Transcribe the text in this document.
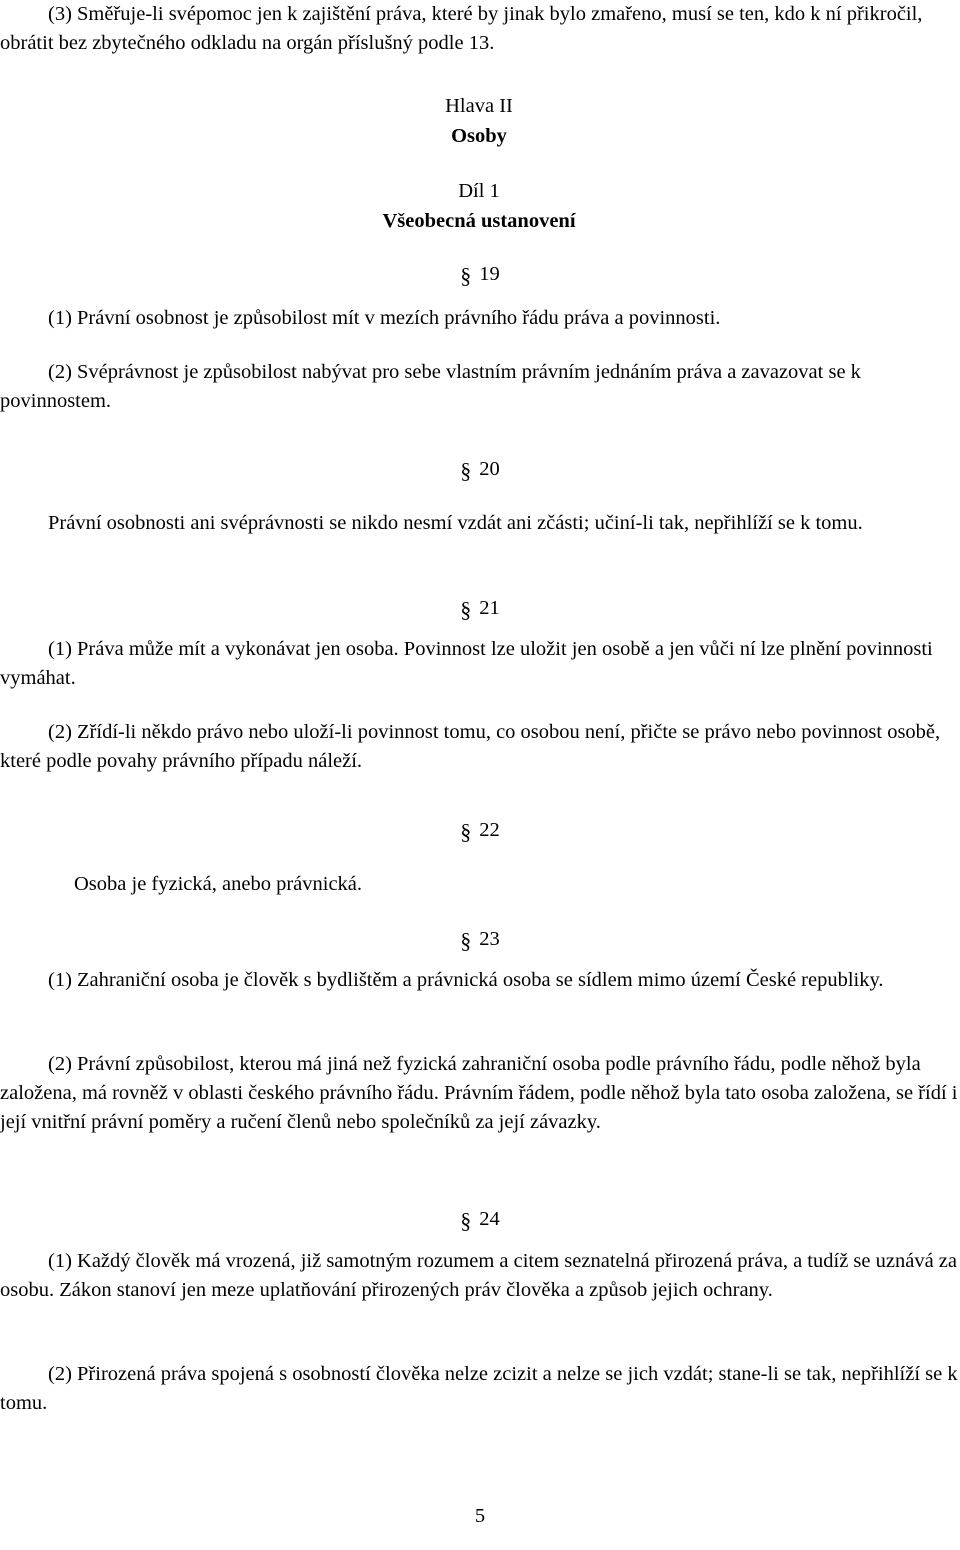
(3) Směřuje-li svépomoc jen k zajištění práva, které by jinak bylo zmařeno, musí se ten, kdo k ní přikročil, obrátit bez zbytečného odkladu na orgán příslušný podle 13.

Hlava II
Osoby
Díl 1
Všeobecná ustanovení
§ 19

(1) Právní osobnost je způsobilost mít v mezích právního řádu práva a povinnosti.

(2) Svéprávnost je způsobilost nabývat pro sebe vlastním právním jednáním práva a zavazovat se k povinnostem.

§ 20

Právní osobnosti ani svéprávnosti se nikdo nesmí vzdát ani zčásti; učiní-li tak, nepřihlíží se k tomu.

§ 21

(1) Práva může mít a vykonávat jen osoba. Povinnost lze uložit jen osobě a jen vůči ní lze plnění povinnosti vymáhat.

(2) Zřídí-li někdo právo nebo uloží-li povinnost tomu, co osobou není, přičte se právo nebo povinnost osobě, které podle povahy právního případu náleží.

§ 22

Osoba je fyzická, anebo právnická.

§ 23

(1) Zahraniční osoba je člověk s bydlištěm a právnická osoba se sídlem mimo území České republiky.

(2) Právní způsobilost, kterou má jiná než fyzická zahraniční osoba podle právního řádu, podle něhož byla založena, má rovněž v oblasti českého právního řádu. Právním řádem, podle něhož byla tato osoba založena, se řídí i její vnitřní právní poměry a ručení členů nebo společníků za její závazky.

§ 24

(1) Každý člověk má vrozená, již samotným rozumem a citem seznatelná přirozená práva, a tudíž se uznává za osobu. Zákon stanoví jen meze uplatňování přirozených práv člověka a způsob jejich ochrany.

(2) Přirozená práva spojená s osobností člověka nelze zcizit a nelze se jich vzdát; stane-li se tak, nepřihlíží se k tomu.

5
